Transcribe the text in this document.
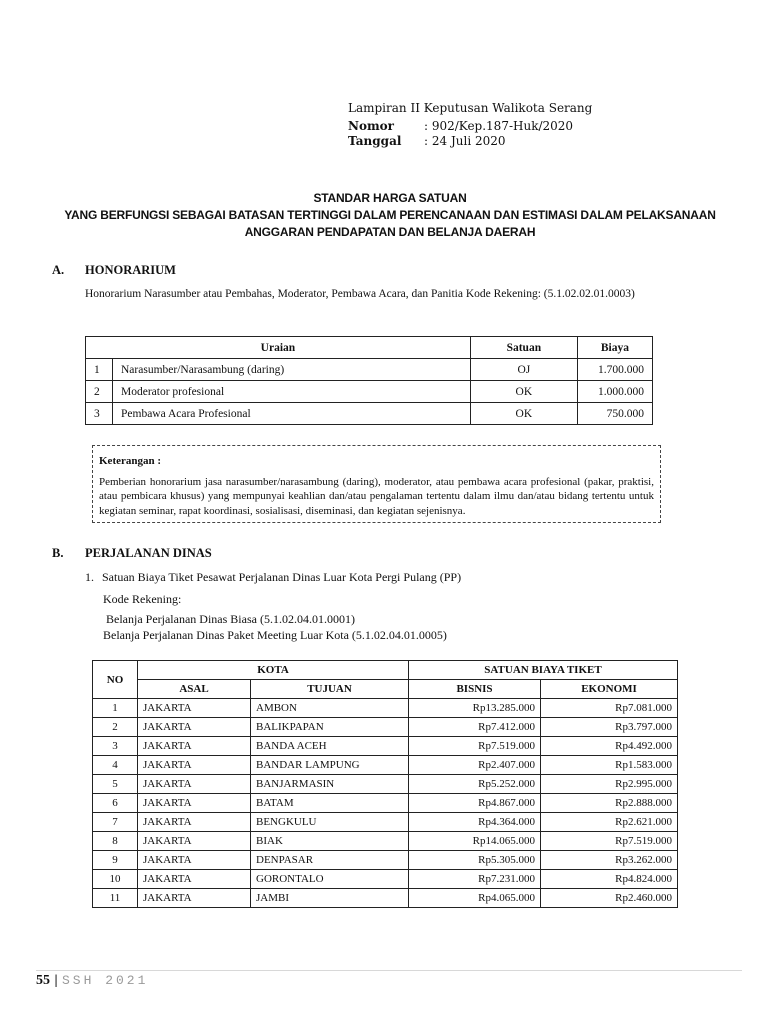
Lampiran II Keputusan Walikota Serang
Nomor	: 902/Kep.187-Huk/2020
Tanggal : 24 Juli 2020
STANDAR HARGA SATUAN
YANG BERFUNGSI SEBAGAI BATASAN TERTINGGI DALAM PERENCANAAN DAN ESTIMASI DALAM PELAKSANAAN
ANGGARAN PENDAPATAN DAN BELANJA DAERAH
A. HONORARIUM
Honorarium Narasumber atau Pembahas, Moderator, Pembawa Acara, dan Panitia Kode Rekening: (5.1.02.02.01.0003)
Uraian		Satuan	Biaya
1	Narasumber/Narasambung (daring)	OJ	1.700.000
2	Moderator profesional	OK	1.000.000
3	Pembawa Acara Profesional	OK	750.000
Keterangan :
Pemberian honorarium jasa narasumber/narasambung (daring), moderator, atau pembawa acara profesional (pakar, praktisi, atau pembicara khusus) yang mempunyai keahlian dan/atau pengalaman tertentu dalam ilmu dan/atau bidang tertentu untuk kegiatan seminar, rapat koordinasi, sosialisasi, diseminasi, dan kegiatan sejenisnya.
B. PERJALANAN DINAS
1. Satuan Biaya Tiket Pesawat Perjalanan Dinas Luar Kota Pergi Pulang (PP)
Kode Rekening:
Belanja Perjalanan Dinas Biasa (5.1.02.04.01.0001)
Belanja Perjalanan Dinas Paket Meeting Luar Kota (5.1.02.04.01.0005)
NO	KOTA		SATUAN BIAYA TIKET	
	ASAL	TUJUAN	BISNIS	EKONOMI
1	JAKARTA	AMBON	Rp13.285.000	Rp7.081.000
2	JAKARTA	BALIKPAPAN	Rp7.412.000	Rp3.797.000
3	JAKARTA	BANDA ACEH	Rp7.519.000	Rp4.492.000
4	JAKARTA	BANDAR LAMPUNG	Rp2.407.000	Rp1.583.000
5	JAKARTA	BANJARMASIN	Rp5.252.000	Rp2.995.000
6	JAKARTA	BATAM	Rp4.867.000	Rp2.888.000
7	JAKARTA	BENGKULU	Rp4.364.000	Rp2.621.000
8	JAKARTA	BIAK	Rp14.065.000	Rp7.519.000
9	JAKARTA	DENPASAR	Rp5.305.000	Rp3.262.000
10	JAKARTA	GORONTALO	Rp7.231.000	Rp4.824.000
11	JAKARTA	JAMBI	Rp4.065.000	Rp2.460.000
55 | SSH 2021
